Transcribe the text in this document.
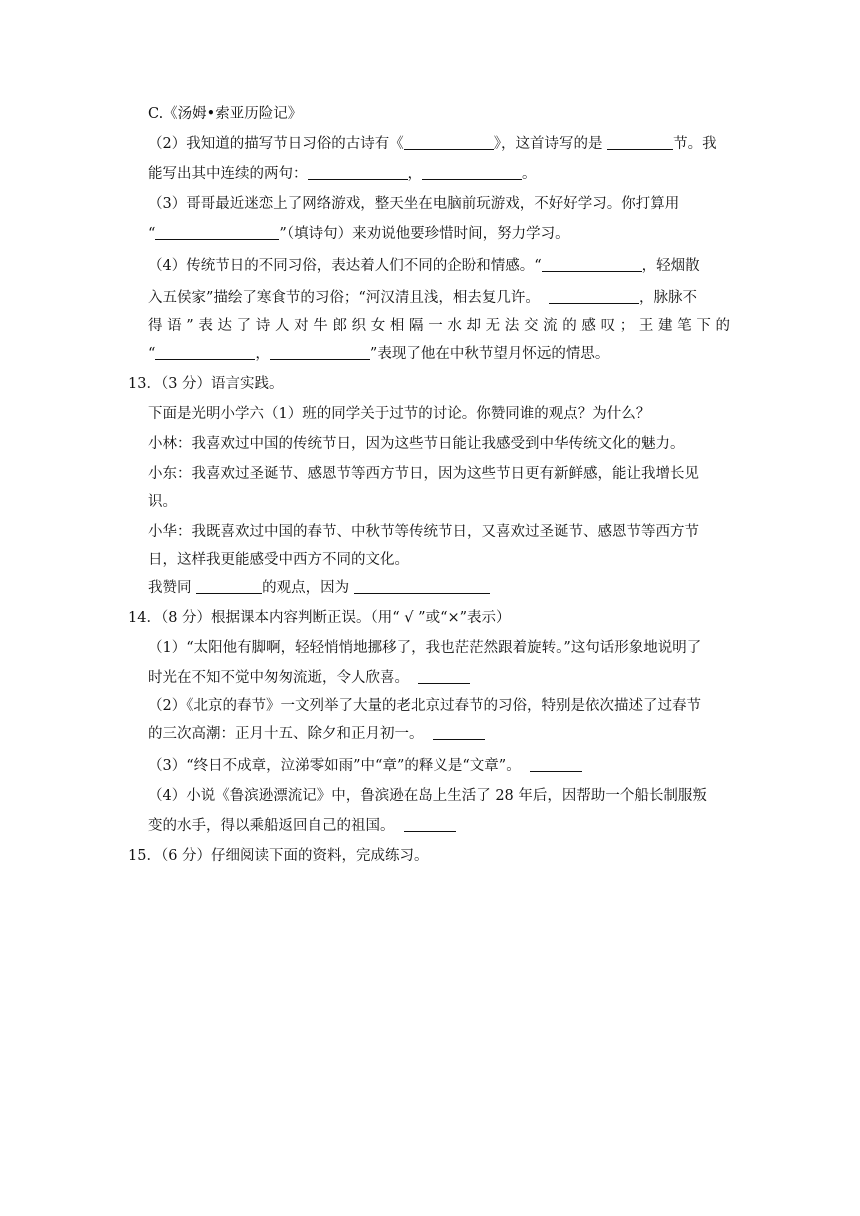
C.《汤姆•索亚历险记》
（2）我知道的描写节日习俗的古诗有《	》，这首诗写的是	节。我
能写出其中连续的两句：	，	。
（3）哥哥最近迷恋上了网络游戏，整天坐在电脑前玩游戏，不好好学习。你打算用
“	”（填诗句）来劝说他要珍惜时间，努力学习。
（4）传统节日的不同习俗，表达着人们不同的企盼和情感。“	，轻烟散
入五侯家”描绘了寒食节的习俗；“河汉清且浅，相去复几许。	，脉脉不
得语”表达了诗人对牛郎织女相隔一水却无法交流的感叹；王建笔下的
“	，	”表现了他在中秋节望月怀远的情思。
13．（3 分）语言实践。
下面是光明小学六（1）班的同学关于过节的讨论。你赞同谁的观点？为什么？
小林：我喜欢过中国的传统节日，因为这些节日能让我感受到中华传统文化的魅力。
小东：我喜欢过圣诞节、感恩节等西方节日，因为这些节日更有新鲜感，能让我增长见
识。
小华：我既喜欢过中国的春节、中秋节等传统节日，又喜欢过圣诞节、感恩节等西方节
日，这样我更能感受中西方不同的文化。
我赞同	的观点，因为
14．（8 分）根据课本内容判断正误。（用“ √ ”或“×”表示）
（1）“太阳他有脚啊，轻轻悄悄地挪移了，我也茫茫然跟着旋转。”这句话形象地说明了
时光在不知不觉中匆匆流逝，令人欣喜。
（2）《北京的春节》一文列举了大量的老北京过春节的习俗，特别是依次描述了过春节
的三次高潮：正月十五、除夕和正月初一。
（3）“终日不成章，泣涕零如雨”中“章”的释义是“文章”。
（4）小说《鲁滨逊漂流记》中，鲁滨逊在岛上生活了 28 年后，因帮助一个船长制服叛
变的水手，得以乘船返回自己的祖国。
15．（6 分）仔细阅读下面的资料，完成练习。
